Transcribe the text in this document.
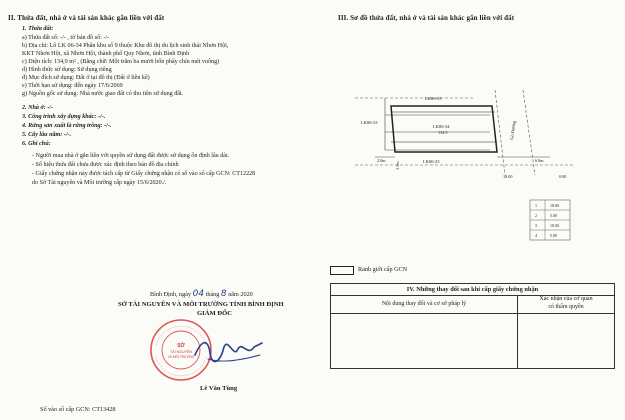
II. Thửa đất, nhà ở và tài sản khác gắn liền với đất
1. Thửa đất:
a) Thửa đất số: -/- , tờ bản đồ số: -/-
b) Địa chỉ: Lô LK 06-34 Phân khu số 9 thuộc Khu đô thị du lịch sinh thái Nhơn Hội,
KKT Nhơn Hội, xã Nhơn Hội, thành phố Quy Nhơn, tỉnh Bình Định
c) Diện tích: 134,9 m² , (Bằng chữ: Một trăm ba mươi bốn phẩy chín mét vuông)
d) Hình thức sử dụng: Sử dụng riêng
đ) Mục đích sử dụng: Đất ở tại đô thị (Đất ở liền kề)
e) Thời hạn sử dụng: đến ngày 17/6/2069
g) Nguồn gốc sử dụng: Nhà nước giao đất có thu tiền sử dụng đất.
2. Nhà ở: -/-
3. Công trình xây dựng khác: -/-.
4. Rừng sản xuất là rừng trồng: -/-.
5. Cây lâu năm: -/-.
6. Ghi chú:
- Người mua nhà ở gắn liền với quyền sử dụng đất được sử dụng ổn định lâu dài.
- Số hiệu thửa đất chưa được xác định theo bản đồ địa chính
- Giấy chứng nhận này được tách cấp từ Giấy chứng nhận có số vào sổ cấp GCN: CT12228
do Sở Tài nguyên và Môi trường cấp ngày 15/6/2020./.
III. Sơ đồ thửa đất, nhà ở và tài sản khác gắn liền với đất
LK06-35
LK06-33
LK06-34
134.9
LK06-33
Gò Đường
2.0m
3.3m
6.0m
18.00	0.00
1	18.00
2	5.00
3	18.00
4	5.00
Ranh giới cấp GCN
IV. Những thay đổi sau khi cấp giấy chứng nhận
Nội dung thay đổi và cơ sở pháp lý
Xác nhận của cơ quan
có thẩm quyền
Bình Định, ngày 04 tháng 8 năm 2020
SỞ TÀI NGUYÊN VÀ MÔI TRƯỜNG TỈNH BÌNH ĐỊNH
GIÁM ĐỐC
SỞ
TÀI NGUYÊN
VÀ MÔI TRƯỜNG
Lê Văn Tùng
Số vào sổ cấp GCN: CT13428
